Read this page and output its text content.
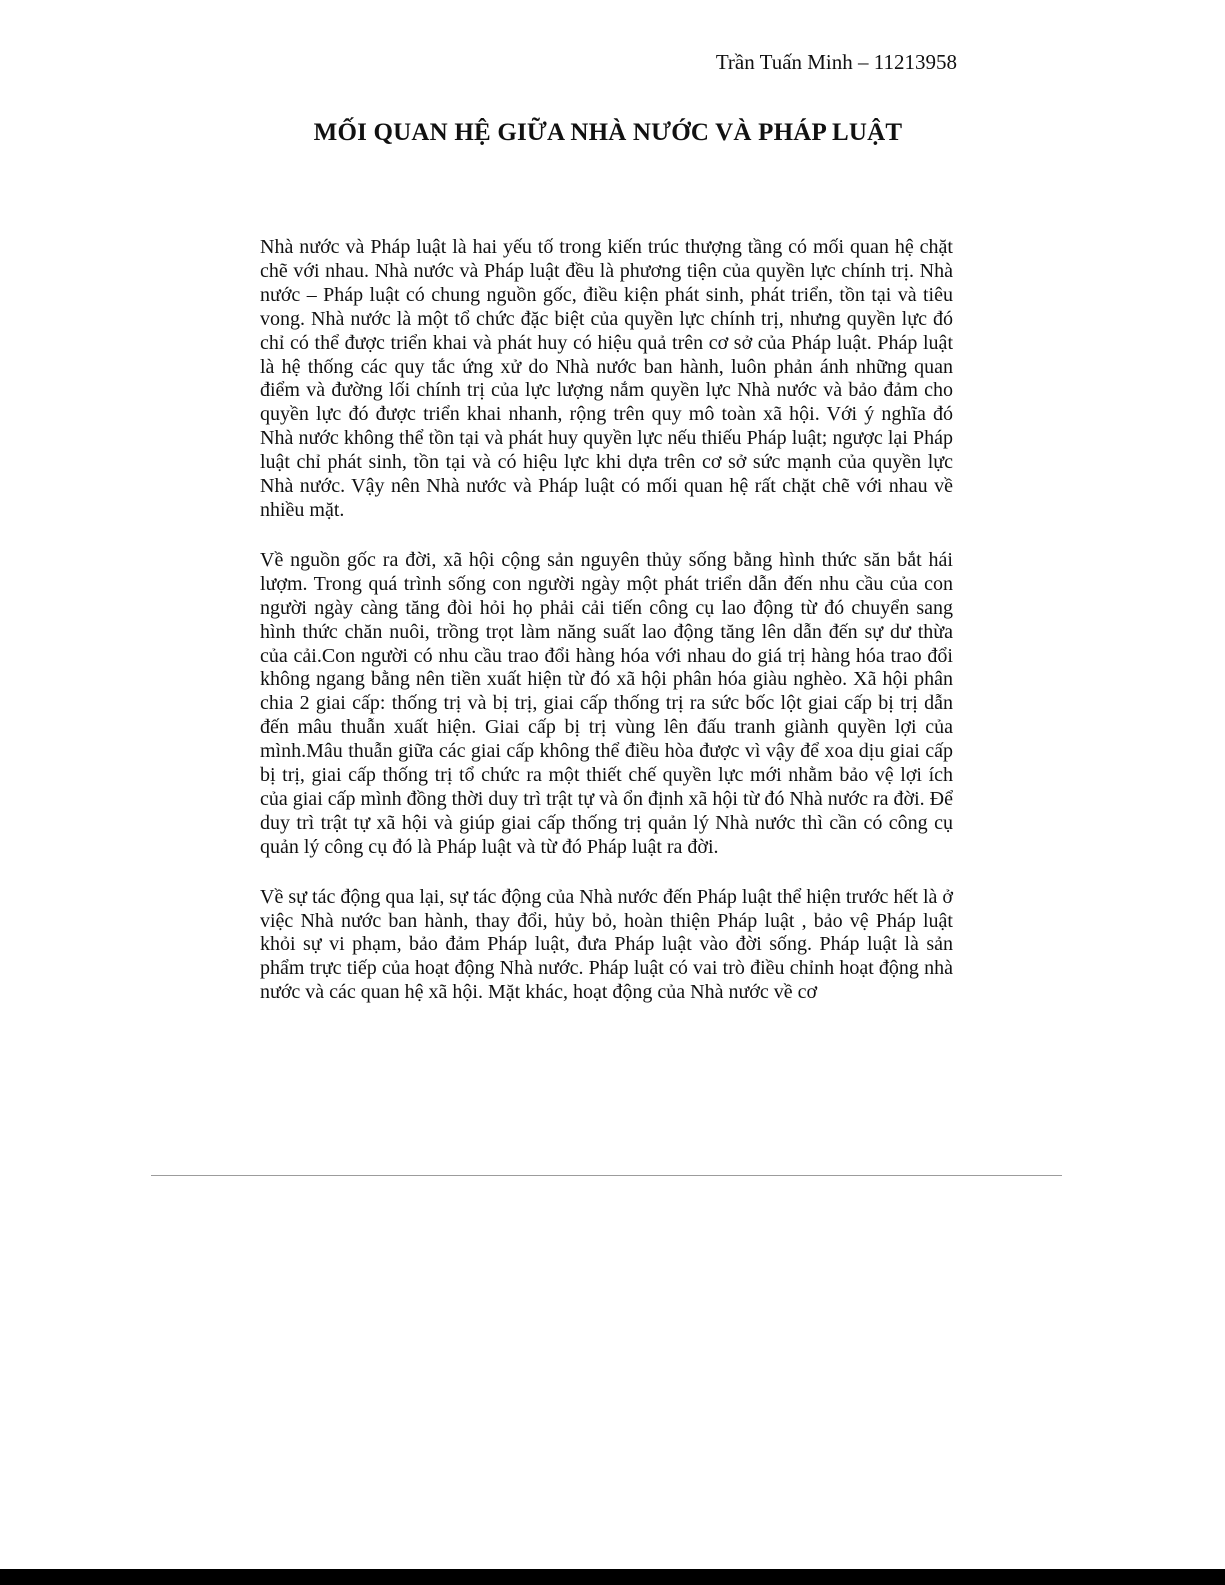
Trần Tuấn Minh – 11213958
MỐI QUAN HỆ GIỮA NHÀ NƯỚC VÀ PHÁP LUẬT

Nhà nước và Pháp luật là hai yếu tố trong kiến trúc thượng tầng có mối quan hệ chặt chẽ với nhau. Nhà nước và Pháp luật đều là phương tiện của quyền lực chính trị. Nhà nước – Pháp luật có chung nguồn gốc, điều kiện phát sinh, phát triển, tồn tại và tiêu vong. Nhà nước là một tổ chức đặc biệt của quyền lực chính trị, nhưng quyền lực đó chỉ có thể được triển khai và phát huy có hiệu quả trên cơ sở của Pháp luật. Pháp luật là hệ thống các quy tắc ứng xử do Nhà nước ban hành, luôn phản ánh những quan điểm và đường lối chính trị của lực lượng nắm quyền lực Nhà nước và bảo đảm cho quyền lực đó được triển khai nhanh, rộng trên quy mô toàn xã hội. Với ý nghĩa đó Nhà nước không thể tồn tại và phát huy quyền lực nếu thiếu Pháp luật; ngược lại Pháp luật chỉ phát sinh, tồn tại và có hiệu lực khi dựa trên cơ sở sức mạnh của quyền lực Nhà nước. Vậy nên Nhà nước và Pháp luật có mối quan hệ rất chặt chẽ với nhau về nhiều mặt.

Về nguồn gốc ra đời, xã hội cộng sản nguyên thủy sống bằng hình thức săn bắt hái lượm. Trong quá trình sống con người ngày một phát triển dẫn đến nhu cầu của con người ngày càng tăng đòi hỏi họ phải cải tiến công cụ lao động từ đó chuyển sang hình thức chăn nuôi, trồng trọt làm năng suất lao động tăng lên dẫn đến sự dư thừa của cải.Con người có nhu cầu trao đổi hàng hóa với nhau do giá trị hàng hóa trao đổi không ngang bằng nên tiền xuất hiện từ đó xã hội phân hóa giàu nghèo. Xã hội phân chia 2 giai cấp: thống trị và bị trị, giai cấp thống trị ra sức bốc lột giai cấp bị trị dẫn đến mâu thuẫn xuất hiện. Giai cấp bị trị vùng lên đấu tranh giành quyền lợi của mình.Mâu thuẫn giữa các giai cấp không thể điều hòa được vì vậy để xoa dịu giai cấp bị trị, giai cấp thống trị tổ chức ra một thiết chế quyền lực mới nhằm bảo vệ lợi ích của giai cấp mình đồng thời duy trì trật tự và ổn định xã hội từ đó Nhà nước ra đời. Để duy trì trật tự xã hội và giúp giai cấp thống trị quản lý Nhà nước thì cần có công cụ quản lý công cụ đó là Pháp luật và từ đó Pháp luật ra đời.

Về sự tác động qua lại, sự tác động của Nhà nước đến Pháp luật thể hiện trước hết là ở việc Nhà nước ban hành, thay đổi, hủy bỏ, hoàn thiện Pháp luật , bảo vệ Pháp luật khỏi sự vi phạm, bảo đảm Pháp luật, đưa Pháp luật vào đời sống. Pháp luật là sản phẩm trực tiếp của hoạt động Nhà nước. Pháp luật có vai trò điều chỉnh hoạt động nhà nước và các quan hệ xã hội. Mặt khác, hoạt động của Nhà nước về cơ
